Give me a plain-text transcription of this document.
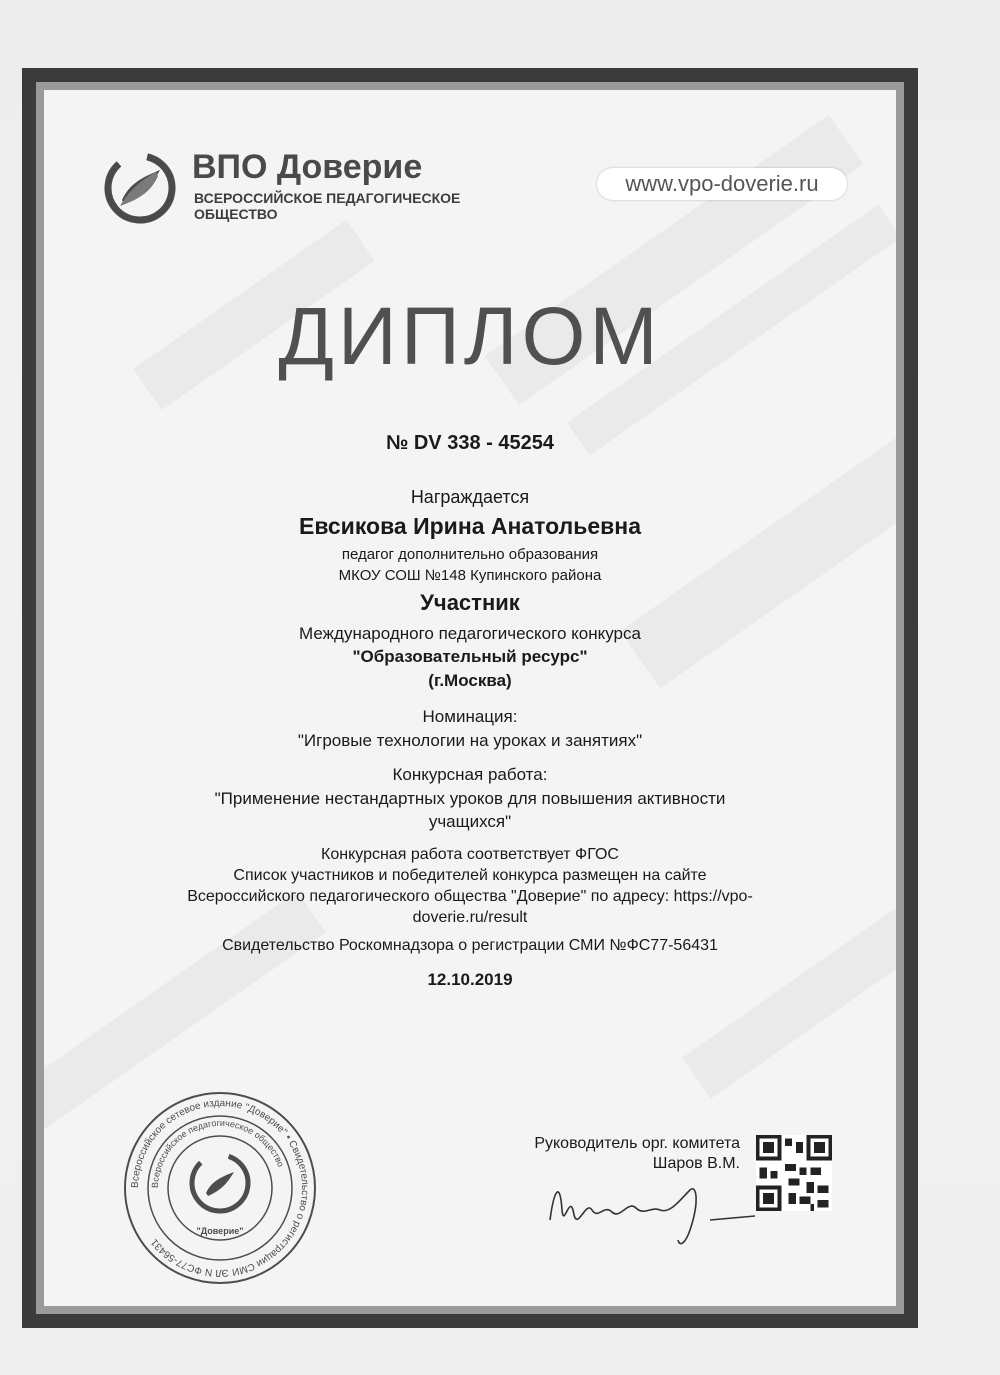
ВПО Доверие
ВСЕРОССИЙСКОЕ ПЕДАГОГИЧЕСКОЕ
ОБЩЕСТВО
www.vpo-doverie.ru
ДИПЛОМ
№ DV 338 - 45254
Награждается
Евсикова Ирина Анатольевна
педагог дополнительно образования
МКОУ СОШ №148 Купинского района
Участник
Международного педагогического конкурса
"Образовательный ресурс"
(г.Москва)
Номинация:
"Игровые технологии на уроках и занятиях"
Конкурсная работа:
"Применение нестандартных уроков для повышения активности
учащихся"
Конкурсная работа соответствует ФГОС
Список участников и победителей конкурса размещен на сайте
Всероссийского педагогического общества "Доверие" по адресу: https://vpo-
doverie.ru/result
Свидетельство Роскомнадзора о регистрации СМИ №ФС77-56431
12.10.2019
Всероссийское сетевое издание "Доверие" • Свидетельство о регистрации СМИ ЭЛ N ФС77-56431
Всероссийское педагогическое общество
"Доверие"
Руководитель орг. комитета
Шаров В.М.
